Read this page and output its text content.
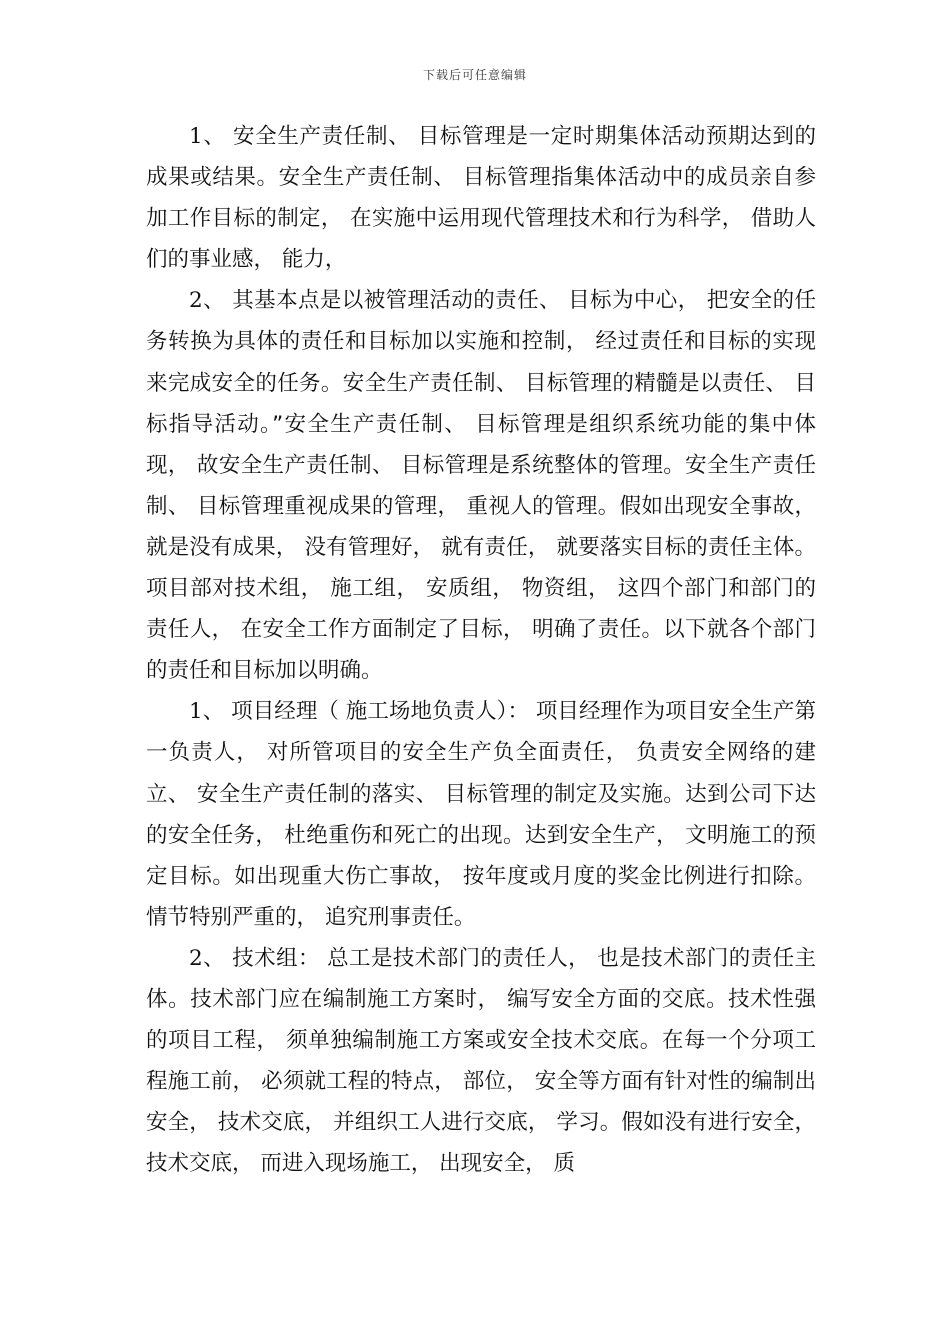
下载后可任意编辑

1、 安全生产责任制、 目标管理是一定时期集体活动预期达到的成果或结果。安全生产责任制、 目标管理指集体活动中的成员亲自参加工作目标的制定， 在实施中运用现代管理技术和行为科学， 借助人们的事业感， 能力，

2、 其基本点是以被管理活动的责任、 目标为中心， 把安全的任务转换为具体的责任和目标加以实施和控制， 经过责任和目标的实现来完成安全的任务。安全生产责任制、 目标管理的精髓是以责任、 目标指导活动。”安全生产责任制、 目标管理是组织系统功能的集中体现， 故安全生产责任制、 目标管理是系统整体的管理。安全生产责任制、 目标管理重视成果的管理， 重视人的管理。假如出现安全事故， 就是没有成果， 没有管理好， 就有责任， 就要落实目标的责任主体。项目部对技术组， 施工组， 安质组， 物资组， 这四个部门和部门的责任人， 在安全工作方面制定了目标， 明确了责任。以下就各个部门的责任和目标加以明确。

1、 项目经理（ 施工场地负责人）： 项目经理作为项目安全生产第一负责人， 对所管项目的安全生产负全面责任， 负责安全网络的建立、 安全生产责任制的落实、 目标管理的制定及实施。达到公司下达的安全任务， 杜绝重伤和死亡的出现。达到安全生产， 文明施工的预定目标。如出现重大伤亡事故， 按年度或月度的奖金比例进行扣除。情节特别严重的， 追究刑事责任。

2、 技术组： 总工是技术部门的责任人， 也是技术部门的责任主体。技术部门应在编制施工方案时， 编写安全方面的交底。技术性强的项目工程， 须单独编制施工方案或安全技术交底。在每一个分项工程施工前， 必须就工程的特点， 部位， 安全等方面有针对性的编制出安全， 技术交底， 并组织工人进行交底， 学习。假如没有进行安全， 技术交底， 而进入现场施工， 出现安全， 质
